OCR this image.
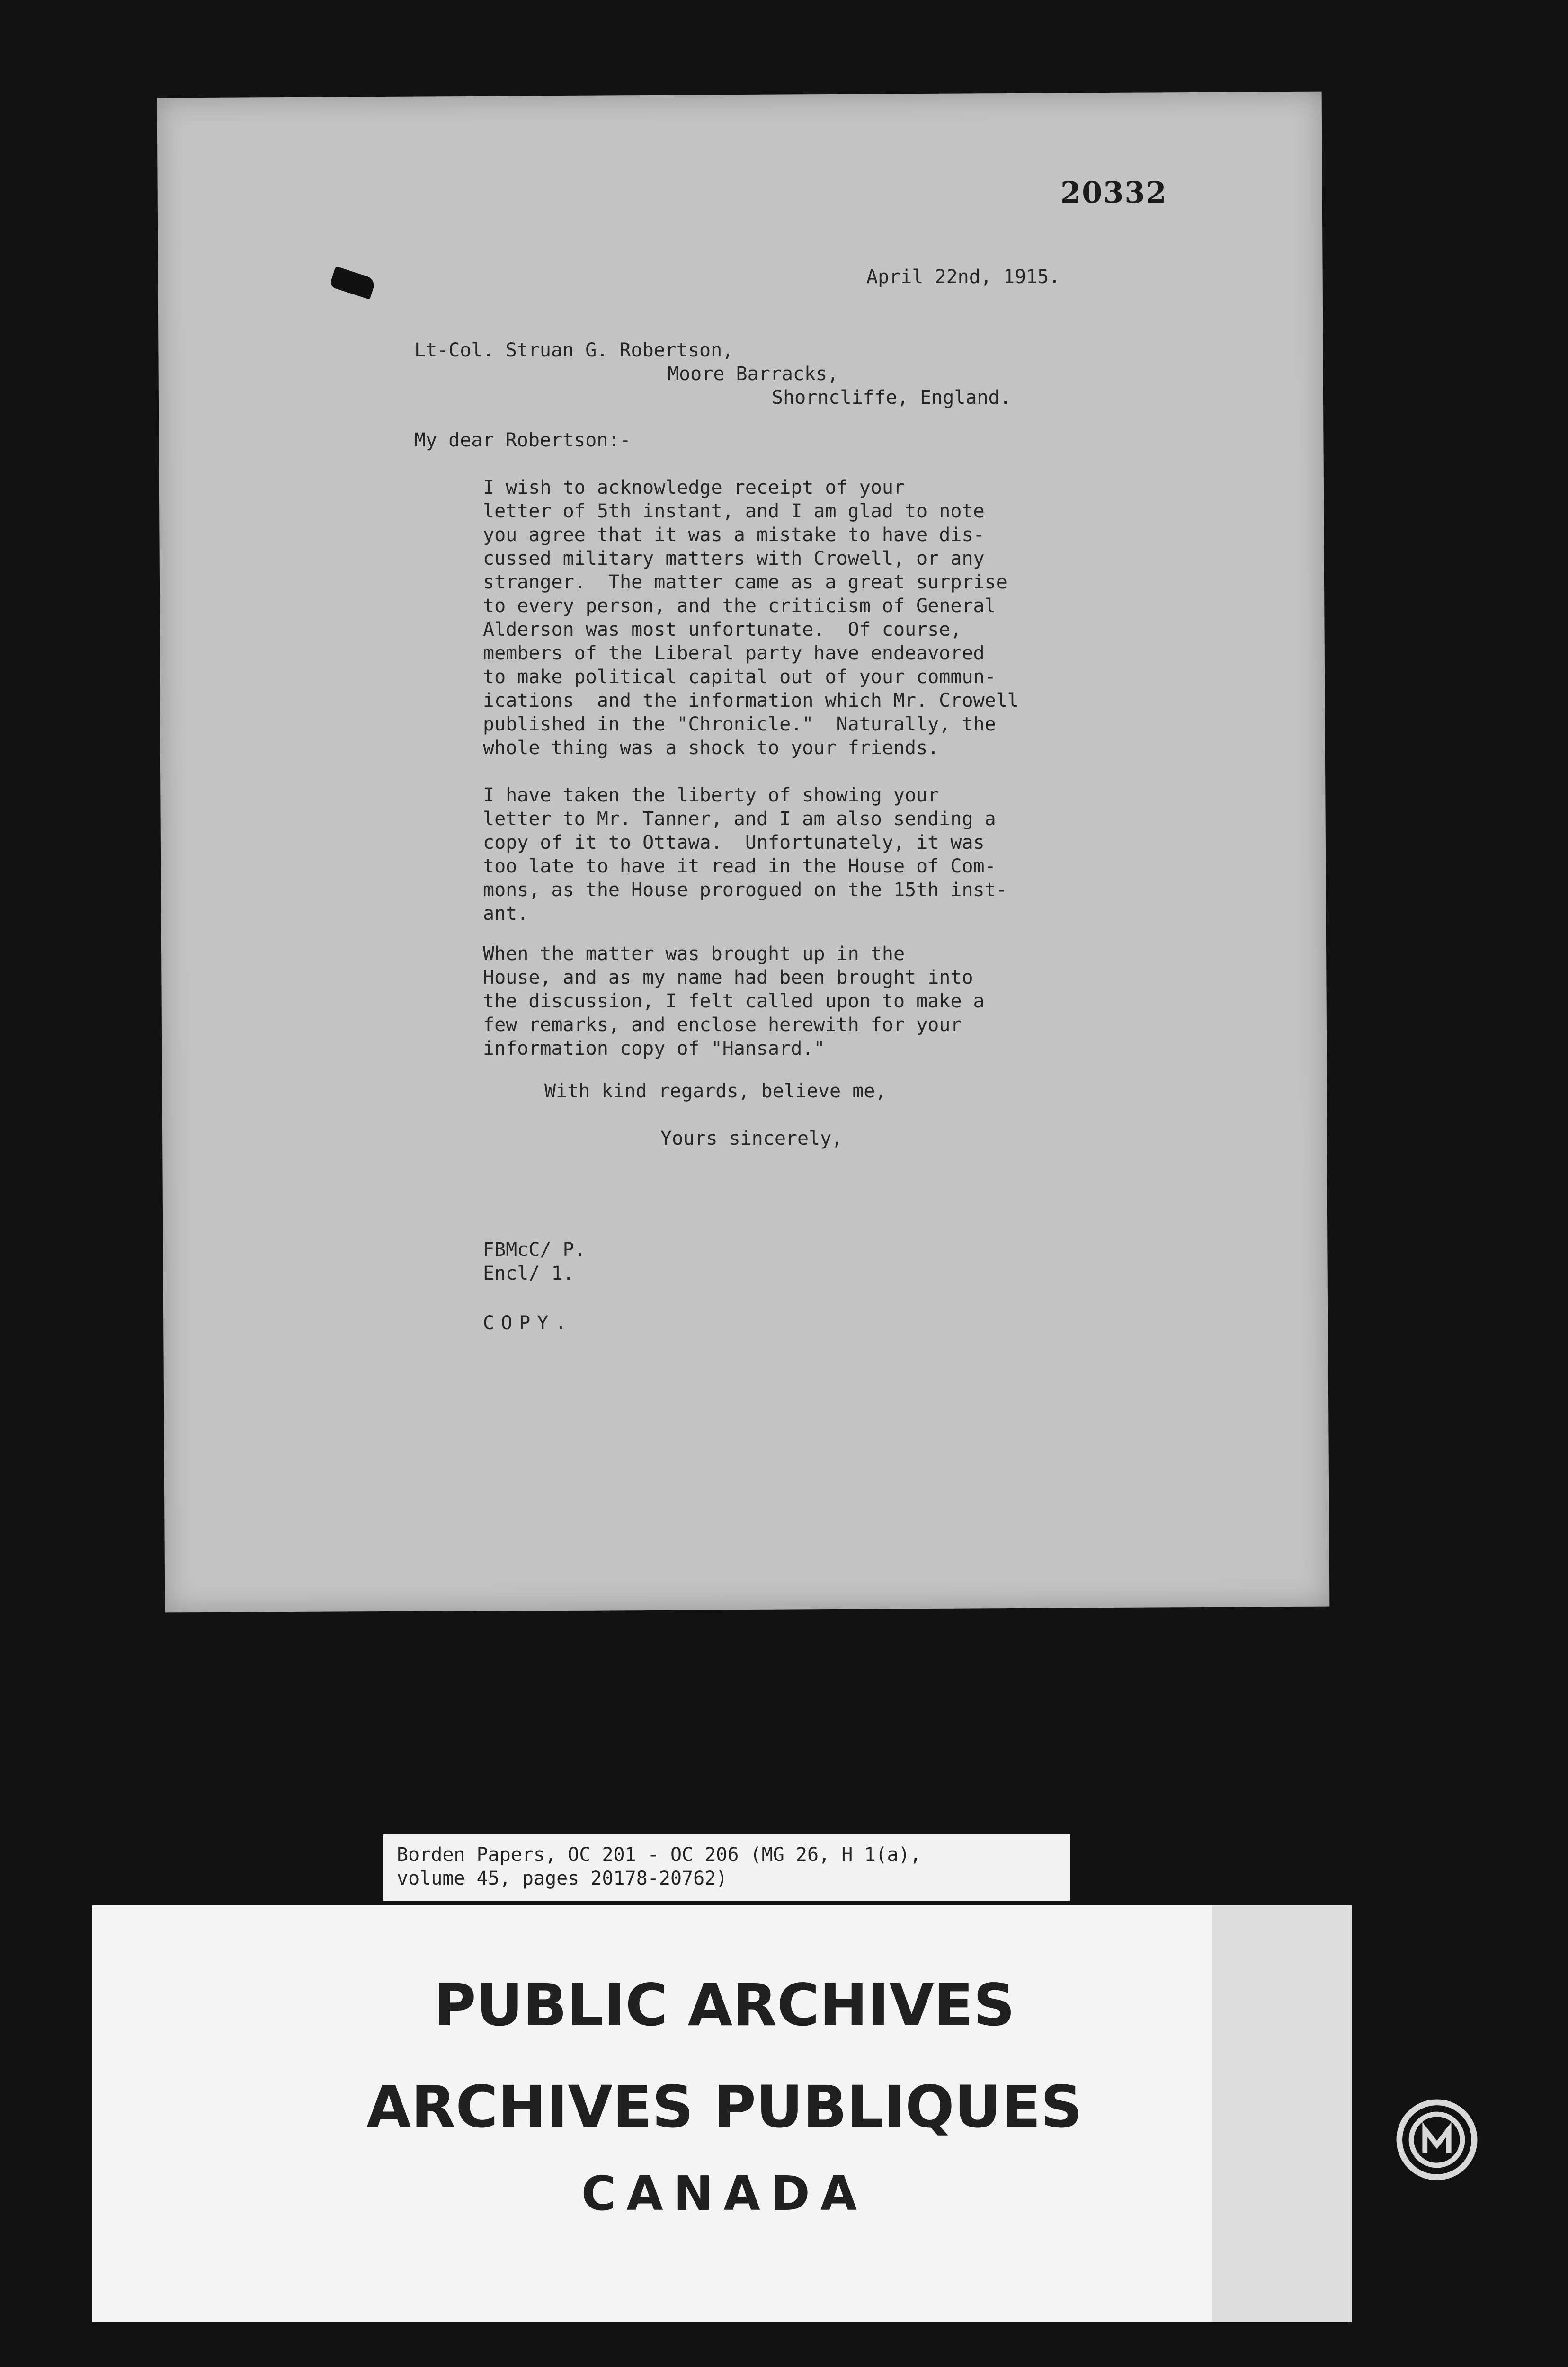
20332
April 22nd, 1915.
Lt-Col. Struan G. Robertson,
Moore Barracks,
Shorncliffe, England.
My dear Robertson:-
I wish to acknowledge receipt of your
letter of 5th instant, and I am glad to note
you agree that it was a mistake to have dis-
cussed military matters with Crowell, or any
stranger.  The matter came as a great surprise
to every person, and the criticism of General
Alderson was most unfortunate.  Of course,
members of the Liberal party have endeavored
to make political capital out of your commun-
ications  and the information which Mr. Crowell
published in the "Chronicle."  Naturally, the
whole thing was a shock to your friends.
I have taken the liberty of showing your
letter to Mr. Tanner, and I am also sending a
copy of it to Ottawa.  Unfortunately, it was
too late to have it read in the House of Com-
mons, as the House prorogued on the 15th inst-
ant.
When the matter was brought up in the
House, and as my name had been brought into
the discussion, I felt called upon to make a
few remarks, and enclose herewith for your
information copy of "Hansard."
With kind regards, believe me,
Yours sincerely,
FBMcC/ P.
Encl/ 1.
COPY.
Borden Papers, OC 201 - OC 206 (MG 26, H 1(a),
volume 45, pages 20178-20762)
PUBLIC ARCHIVES
ARCHIVES PUBLIQUES
CANADA
